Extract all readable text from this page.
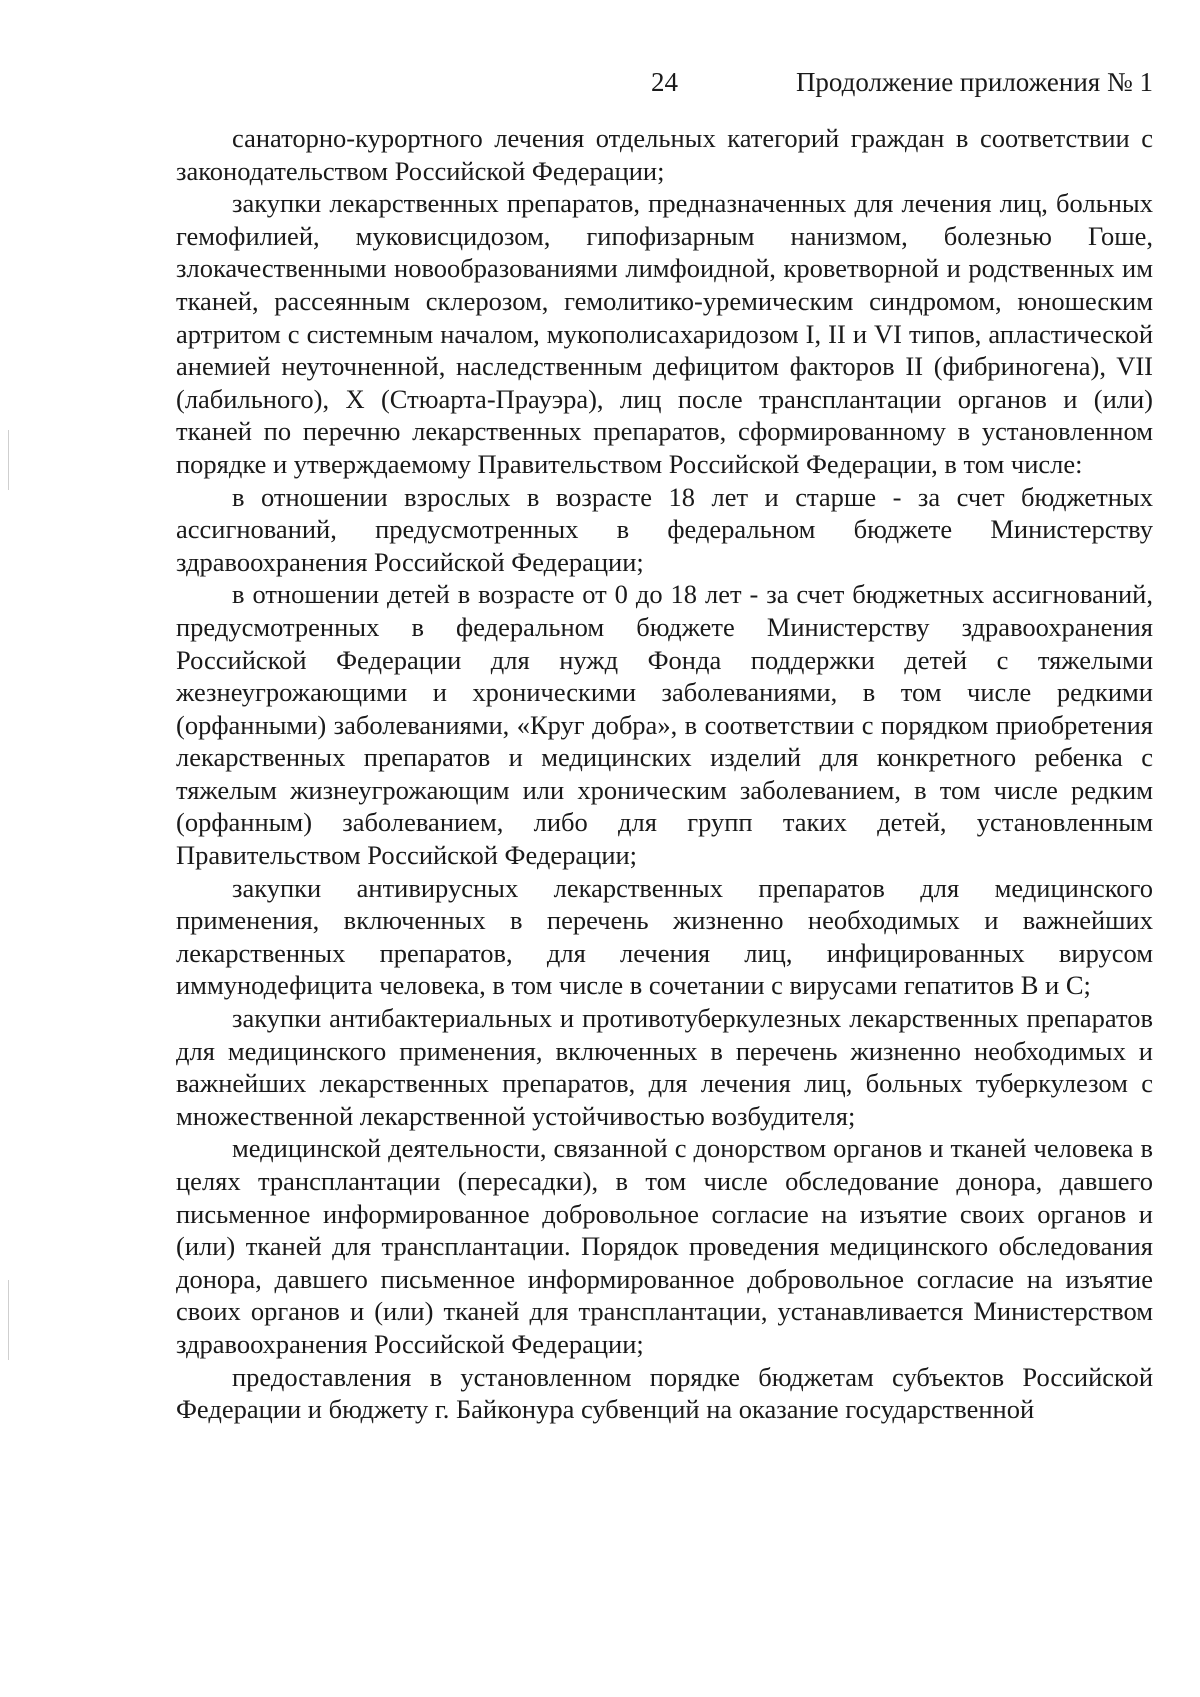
24	Продолжение приложения № 1

санаторно-курортного лечения отдельных категорий граждан в соответствии с законодательством Российской Федерации;

закупки лекарственных препаратов, предназначенных для лечения лиц, больных гемофилией, муковисцидозом, гипофизарным нанизмом, болезнью Гоше, злокачественными новообразованиями лимфоидной, кроветворной и родственных им тканей, рассеянным склерозом, гемолитико-уремическим синдромом, юношеским артритом с системным началом, мукополисахаридозом I, II и VI типов, апластической анемией неуточненной, наследственным дефицитом факторов II (фибриногена), VII (лабильного), X (Стюарта-Прауэра), лиц после трансплантации органов и (или) тканей по перечню лекарственных препаратов, сформированному в установленном порядке и утверждаемому Правительством Российской Федерации, в том числе:

в отношении взрослых в возрасте 18 лет и старше - за счет бюджетных ассигнований, предусмотренных в федеральном бюджете Министерству здравоохранения Российской Федерации;

в отношении детей в возрасте от 0 до 18 лет - за счет бюджетных ассигнований, предусмотренных в федеральном бюджете Министерству здравоохранения Российской Федерации для нужд Фонда поддержки детей с тяжелыми жезнеугрожающими и хроническими заболеваниями, в том числе редкими (орфанными) заболеваниями, «Круг добра», в соответствии с порядком приобретения лекарственных препаратов и медицинских изделий для конкретного ребенка с тяжелым жизнеугрожающим или хроническим заболеванием, в том числе редким (орфанным) заболеванием, либо для групп таких детей, установленным Правительством Российской Федерации;

закупки антивирусных лекарственных препаратов для медицинского применения, включенных в перечень жизненно необходимых и важнейших лекарственных препаратов, для лечения лиц, инфицированных вирусом иммунодефицита человека, в том числе в сочетании с вирусами гепатитов B и C;

закупки антибактериальных и противотуберкулезных лекарственных препаратов для медицинского применения, включенных в перечень жизненно необходимых и важнейших лекарственных препаратов, для лечения лиц, больных туберкулезом с множественной лекарственной устойчивостью возбудителя;

медицинской деятельности, связанной с донорством органов и тканей человека в целях трансплантации (пересадки), в том числе обследование донора, давшего письменное информированное добровольное согласие на изъятие своих органов и (или) тканей для трансплантации. Порядок проведения медицинского обследования донора, давшего письменное информированное добровольное согласие на изъятие своих органов и (или) тканей для трансплантации, устанавливается Министерством здравоохранения Российской Федерации;

предоставления в установленном порядке бюджетам субъектов Российской Федерации и бюджету г. Байконура субвенций на оказание государственной
